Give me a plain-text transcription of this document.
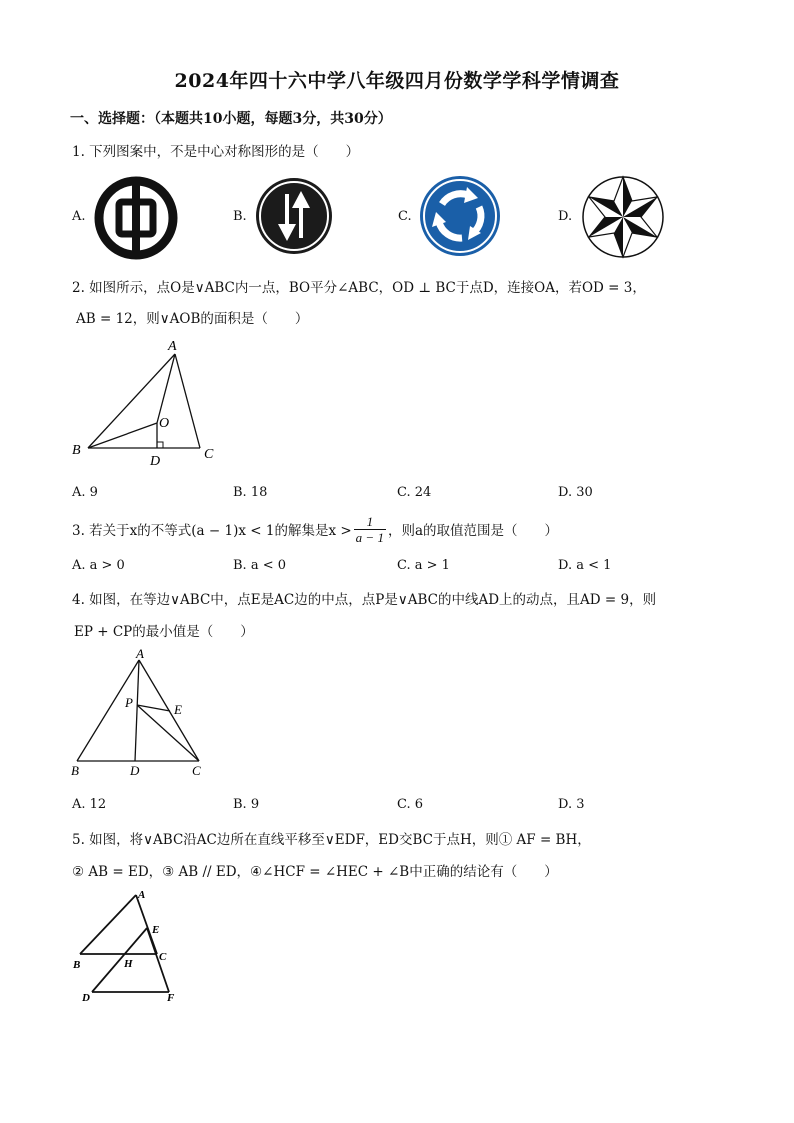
2024年四十六中学八年级四月份数学学科学情调查
一、选择题：（本题共10小题，每题3分，共30分）
1. 下列图案中，不是中心对称图形的是（　　）
A.	B.	C.	D.
2. 如图所示，点O是∨ABC内一点，BO平分∠ABC，OD ⊥ BC于点D，连接OA，若OD = 3，
AB = 12，则∨AOB的面积是（　　）
A
B	C
D
O
A. 9	B. 18	C. 24	D. 30
3. 若关于x的不等式(a − 1)x < 1的解集是$x > \frac{1}{a - 1}$ ，则a的取值范围是（　　）
A. a > 0	B. a < 0	C. a > 1	D. a < 1
4. 如图，在等边∨ABC中，点E是AC边的中点，点P是∨ABC的中线AD上的动点，且AD = 9，则
EP + CP的最小值是（　　）
A
B	C
D
P	E
A. 12	B. 9	C. 6	D. 3
5. 如图，将∨ABC沿AC边所在直线平移至∨EDF，ED交BC于点H，则① AF = BH，
② AB = ED，③ AB // ED，④∠HCF = ∠HEC + ∠B中正确的结论有（　　）
A
B
C
D
E
F
H
